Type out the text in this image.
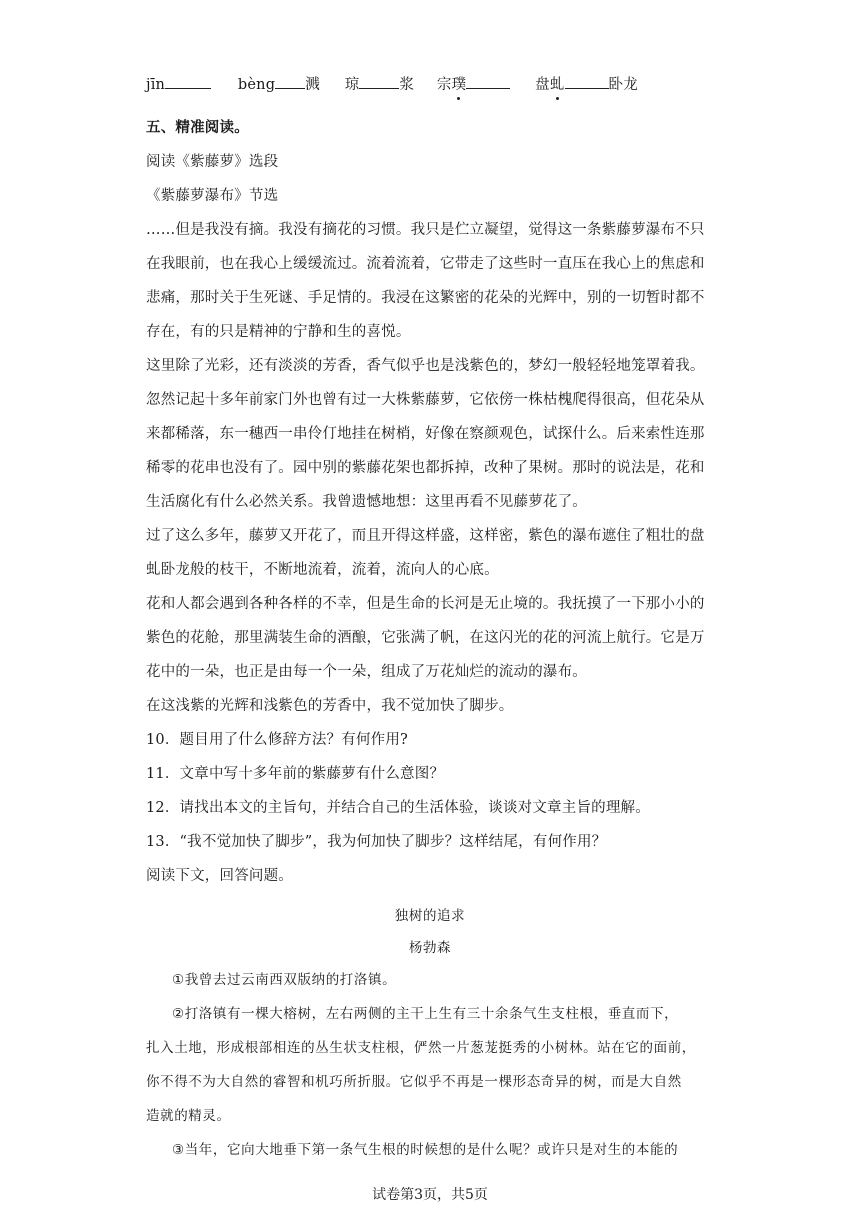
jīn	bèng 溅 琼	浆 宗璞	盘虬	卧龙
五、精准阅读。
阅读《紫藤萝》选段
《紫藤萝瀑布》节选
……但是我没有摘。我没有摘花的习惯。我只是伫立凝望，觉得这一条紫藤萝瀑布不只
在我眼前，也在我心上缓缓流过。流着流着，它带走了这些时一直压在我心上的焦虑和
悲痛，那时关于生死谜、手足情的。我浸在这繁密的花朵的光辉中，别的一切暂时都不
存在，有的只是精神的宁静和生的喜悦。
这里除了光彩，还有淡淡的芳香，香气似乎也是浅紫色的，梦幻一般轻轻地笼罩着我。
忽然记起十多年前家门外也曾有过一大株紫藤萝，它依傍一株枯槐爬得很高，但花朵从
来都稀落，东一穗西一串伶仃地挂在树梢，好像在察颜观色，试探什么。后来索性连那
稀零的花串也没有了。园中别的紫藤花架也都拆掉，改种了果树。那时的说法是，花和
生活腐化有什么必然关系。我曾遗憾地想：这里再看不见藤萝花了。
过了这么多年，藤萝又开花了，而且开得这样盛，这样密，紫色的瀑布遮住了粗壮的盘
虬卧龙般的枝干，不断地流着，流着，流向人的心底。
花和人都会遇到各种各样的不幸，但是生命的长河是无止境的。我抚摸了一下那小小的
紫色的花舱，那里满装生命的酒酿，它张满了帆，在这闪光的花的河流上航行。它是万
花中的一朵，也正是由每一个一朵，组成了万花灿烂的流动的瀑布。
在这浅紫的光辉和浅紫色的芳香中，我不觉加快了脚步。
10．题目用了什么修辞方法？有何作用?
11．文章中写十多年前的紫藤萝有什么意图？
12．请找出本文的主旨句，并结合自己的生活体验，谈谈对文章主旨的理解。
13．“我不觉加快了脚步”，我为何加快了脚步？这样结尾，有何作用？
阅读下文，回答问题。
独树的追求
杨勃森
①我曾去过云南西双版纳的打洛镇。
②打洛镇有一棵大榕树，左右两侧的主干上生有三十余条气生支柱根，垂直而下，
扎入土地，形成根部相连的丛生状支柱根，俨然一片葱茏挺秀的小树林。站在它的面前，
你不得不为大自然的睿智和机巧所折服。它似乎不再是一棵形态奇异的树，而是大自然
造就的精灵。
③当年，它向大地垂下第一条气生根的时候想的是什么呢？或许只是对生的本能的
试卷第3页，共5页
